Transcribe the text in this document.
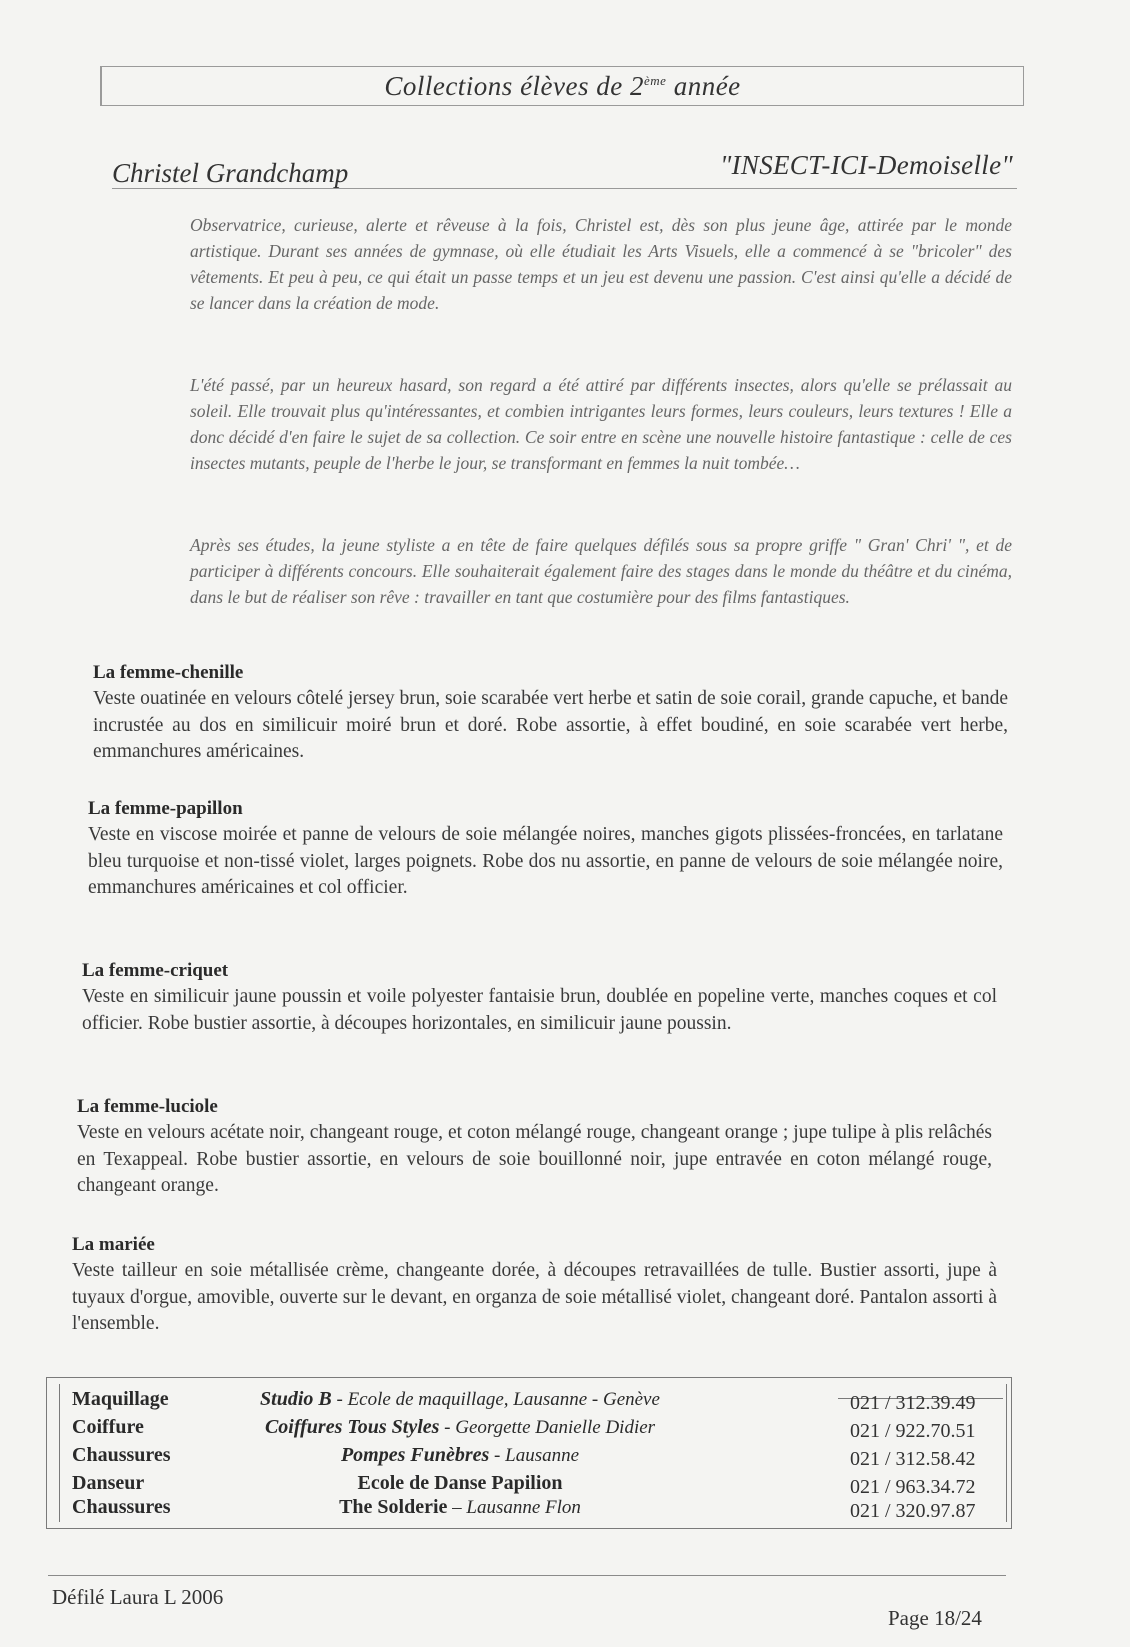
Collections élèves de 2ème année
Christel Grandchamp	"INSECT-ICI-Demoiselle"

Observatrice, curieuse, alerte et rêveuse à la fois, Christel est, dès son plus jeune âge, attirée par le monde artistique. Durant ses années de gymnase, où elle étudiait les Arts Visuels, elle a commencé à se "bricoler" des vêtements. Et peu à peu, ce qui était un passe temps et un jeu est devenu une passion. C'est ainsi qu'elle a décidé de se lancer dans la création de mode.

L'été passé, par un heureux hasard, son regard a été attiré par différents insectes, alors qu'elle se prélassait au soleil. Elle trouvait plus qu'intéressantes, et combien intrigantes leurs formes, leurs couleurs, leurs textures ! Elle a donc décidé d'en faire le sujet de sa collection. Ce soir entre en scène une nouvelle histoire fantastique : celle de ces insectes mutants, peuple de l'herbe le jour, se transformant en femmes la nuit tombée…

Après ses études, la jeune styliste a en tête de faire quelques défilés sous sa propre griffe " Gran' Chri' ", et de participer à différents concours. Elle souhaiterait également faire des stages dans le monde du théâtre et du cinéma, dans le but de réaliser son rêve : travailler en tant que costumière pour des films fantastiques.

La femme-chenille

Veste ouatinée en velours côtelé jersey brun, soie scarabée vert herbe et satin de soie corail, grande capuche, et bande incrustée au dos en similicuir moiré brun et doré. Robe assortie, à effet boudiné, en soie scarabée vert herbe, emmanchures américaines.

La femme-papillon

Veste en viscose moirée et panne de velours de soie mélangée noires, manches gigots plissées-froncées, en tarlatane bleu turquoise et non-tissé violet, larges poignets. Robe dos nu assortie, en panne de velours de soie mélangée noire, emmanchures américaines et col officier.

La femme-criquet

Veste en similicuir jaune poussin et voile polyester fantaisie brun, doublée en popeline verte, manches coques et col officier. Robe bustier assortie, à découpes horizontales, en similicuir jaune poussin.

La femme-luciole

Veste en velours acétate noir, changeant rouge, et coton mélangé rouge, changeant orange ; jupe tulipe à plis relâchés en Texappeal. Robe bustier assortie, en velours de soie bouillonné noir, jupe entravée en coton mélangé rouge, changeant orange.

La mariée

Veste tailleur en soie métallisée crème, changeante dorée, à découpes retravaillées de tulle. Bustier assorti, jupe à tuyaux d'orgue, amovible, ouverte sur le devant, en organza de soie métallisé violet, changeant doré. Pantalon assorti à l'ensemble.

Maquillage	Studio B - Ecole de maquillage, Lausanne - Genève	021 / 312.39.49
Coiffure	Coiffures Tous Styles - Georgette Danielle Didier	021 / 922.70.51
Chaussures	Pompes Funèbres - Lausanne	021 / 312.58.42
Danseur	Ecole de Danse Papilion	021 / 963.34.72
Chaussures	The Solderie – Lausanne Flon	021 / 320.97.87
Défilé Laura L 2006
Page 18/24
